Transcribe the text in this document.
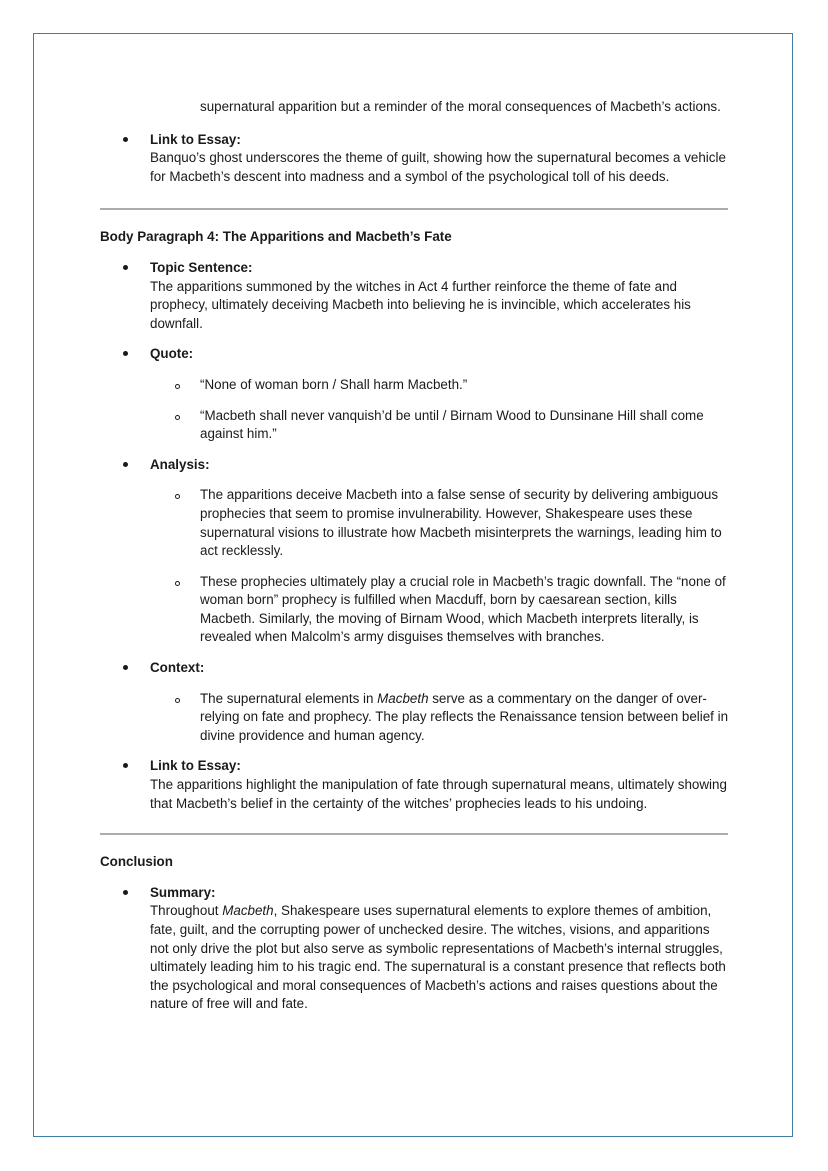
supernatural apparition but a reminder of the moral consequences of Macbeth’s actions.

Link to Essay:

Banquo’s ghost underscores the theme of guilt, showing how the supernatural becomes a vehicle for Macbeth’s descent into madness and a symbol of the psychological toll of his deeds.

Body Paragraph 4: The Apparitions and Macbeth’s Fate
Topic Sentence:

The apparitions summoned by the witches in Act 4 further reinforce the theme of fate and prophecy, ultimately deceiving Macbeth into believing he is invincible, which accelerates his downfall.

Quote:

“None of woman born / Shall harm Macbeth.”

“Macbeth shall never vanquish’d be until / Birnam Wood to Dunsinane Hill shall come against him.”

Analysis:

The apparitions deceive Macbeth into a false sense of security by delivering ambiguous prophecies that seem to promise invulnerability. However, Shakespeare uses these supernatural visions to illustrate how Macbeth misinterprets the warnings, leading him to act recklessly.

These prophecies ultimately play a crucial role in Macbeth’s tragic downfall. The “none of woman born” prophecy is fulfilled when Macduff, born by caesarean section, kills Macbeth. Similarly, the moving of Birnam Wood, which Macbeth interprets literally, is revealed when Malcolm’s army disguises themselves with branches.

Context:

The supernatural elements in Macbeth serve as a commentary on the danger of over-relying on fate and prophecy. The play reflects the Renaissance tension between belief in divine providence and human agency.

Link to Essay:

The apparitions highlight the manipulation of fate through supernatural means, ultimately showing that Macbeth’s belief in the certainty of the witches’ prophecies leads to his undoing.

Conclusion
Summary:

Throughout Macbeth, Shakespeare uses supernatural elements to explore themes of ambition, fate, guilt, and the corrupting power of unchecked desire. The witches, visions, and apparitions not only drive the plot but also serve as symbolic representations of Macbeth’s internal struggles, ultimately leading him to his tragic end. The supernatural is a constant presence that reflects both the psychological and moral consequences of Macbeth’s actions and raises questions about the nature of free will and fate.
